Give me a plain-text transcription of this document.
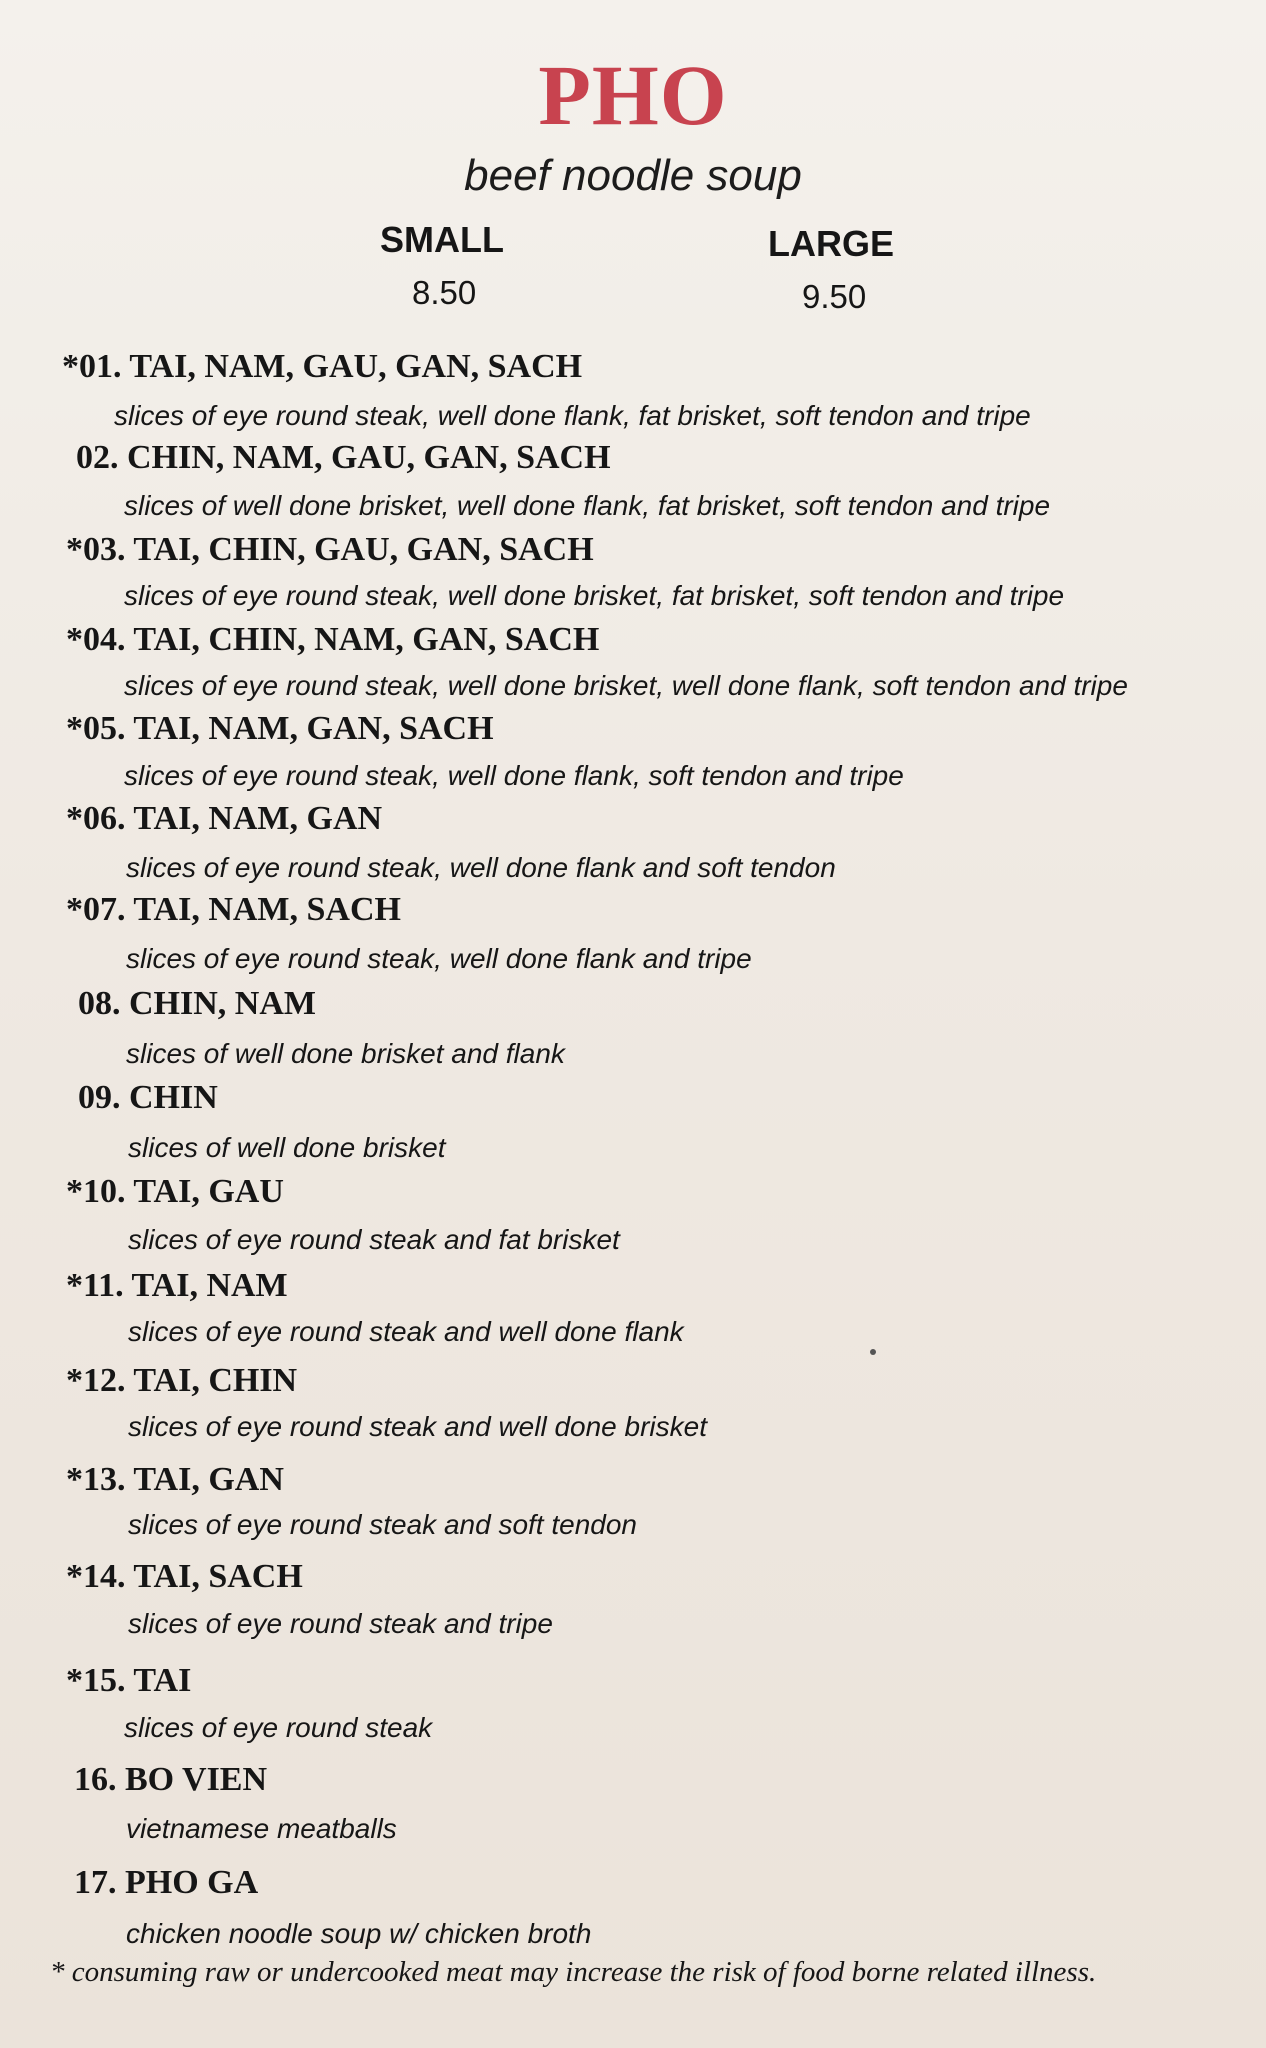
PHO
beef noodle soup
SMALL	LARGE
8.50	9.50
*01. TAI, NAM, GAU, GAN, SACH
slices of eye round steak, well done flank, fat brisket, soft tendon and tripe
02. CHIN, NAM, GAU, GAN, SACH
slices of well done brisket, well done flank, fat brisket, soft tendon and tripe
*03. TAI, CHIN, GAU, GAN, SACH
slices of eye round steak, well done brisket, fat brisket, soft tendon and tripe
*04. TAI, CHIN, NAM, GAN, SACH
slices of eye round steak, well done brisket, well done flank, soft tendon and tripe
*05. TAI, NAM, GAN, SACH
slices of eye round steak, well done flank, soft tendon and tripe
*06. TAI, NAM, GAN
slices of eye round steak, well done flank and soft tendon
*07. TAI, NAM, SACH
slices of eye round steak, well done flank and tripe
08. CHIN, NAM
slices of well done brisket and flank
09. CHIN
slices of well done brisket
*10. TAI, GAU
slices of eye round steak and fat brisket
*11. TAI, NAM
slices of eye round steak and well done flank
*12. TAI, CHIN
slices of eye round steak and well done brisket
*13. TAI, GAN
slices of eye round steak and soft tendon
*14. TAI, SACH
slices of eye round steak and tripe
*15. TAI
slices of eye round steak
16. BO VIEN
vietnamese meatballs
17. PHO GA
chicken noodle soup w/ chicken broth
* consuming raw or undercooked meat may increase the risk of food borne related illness.
